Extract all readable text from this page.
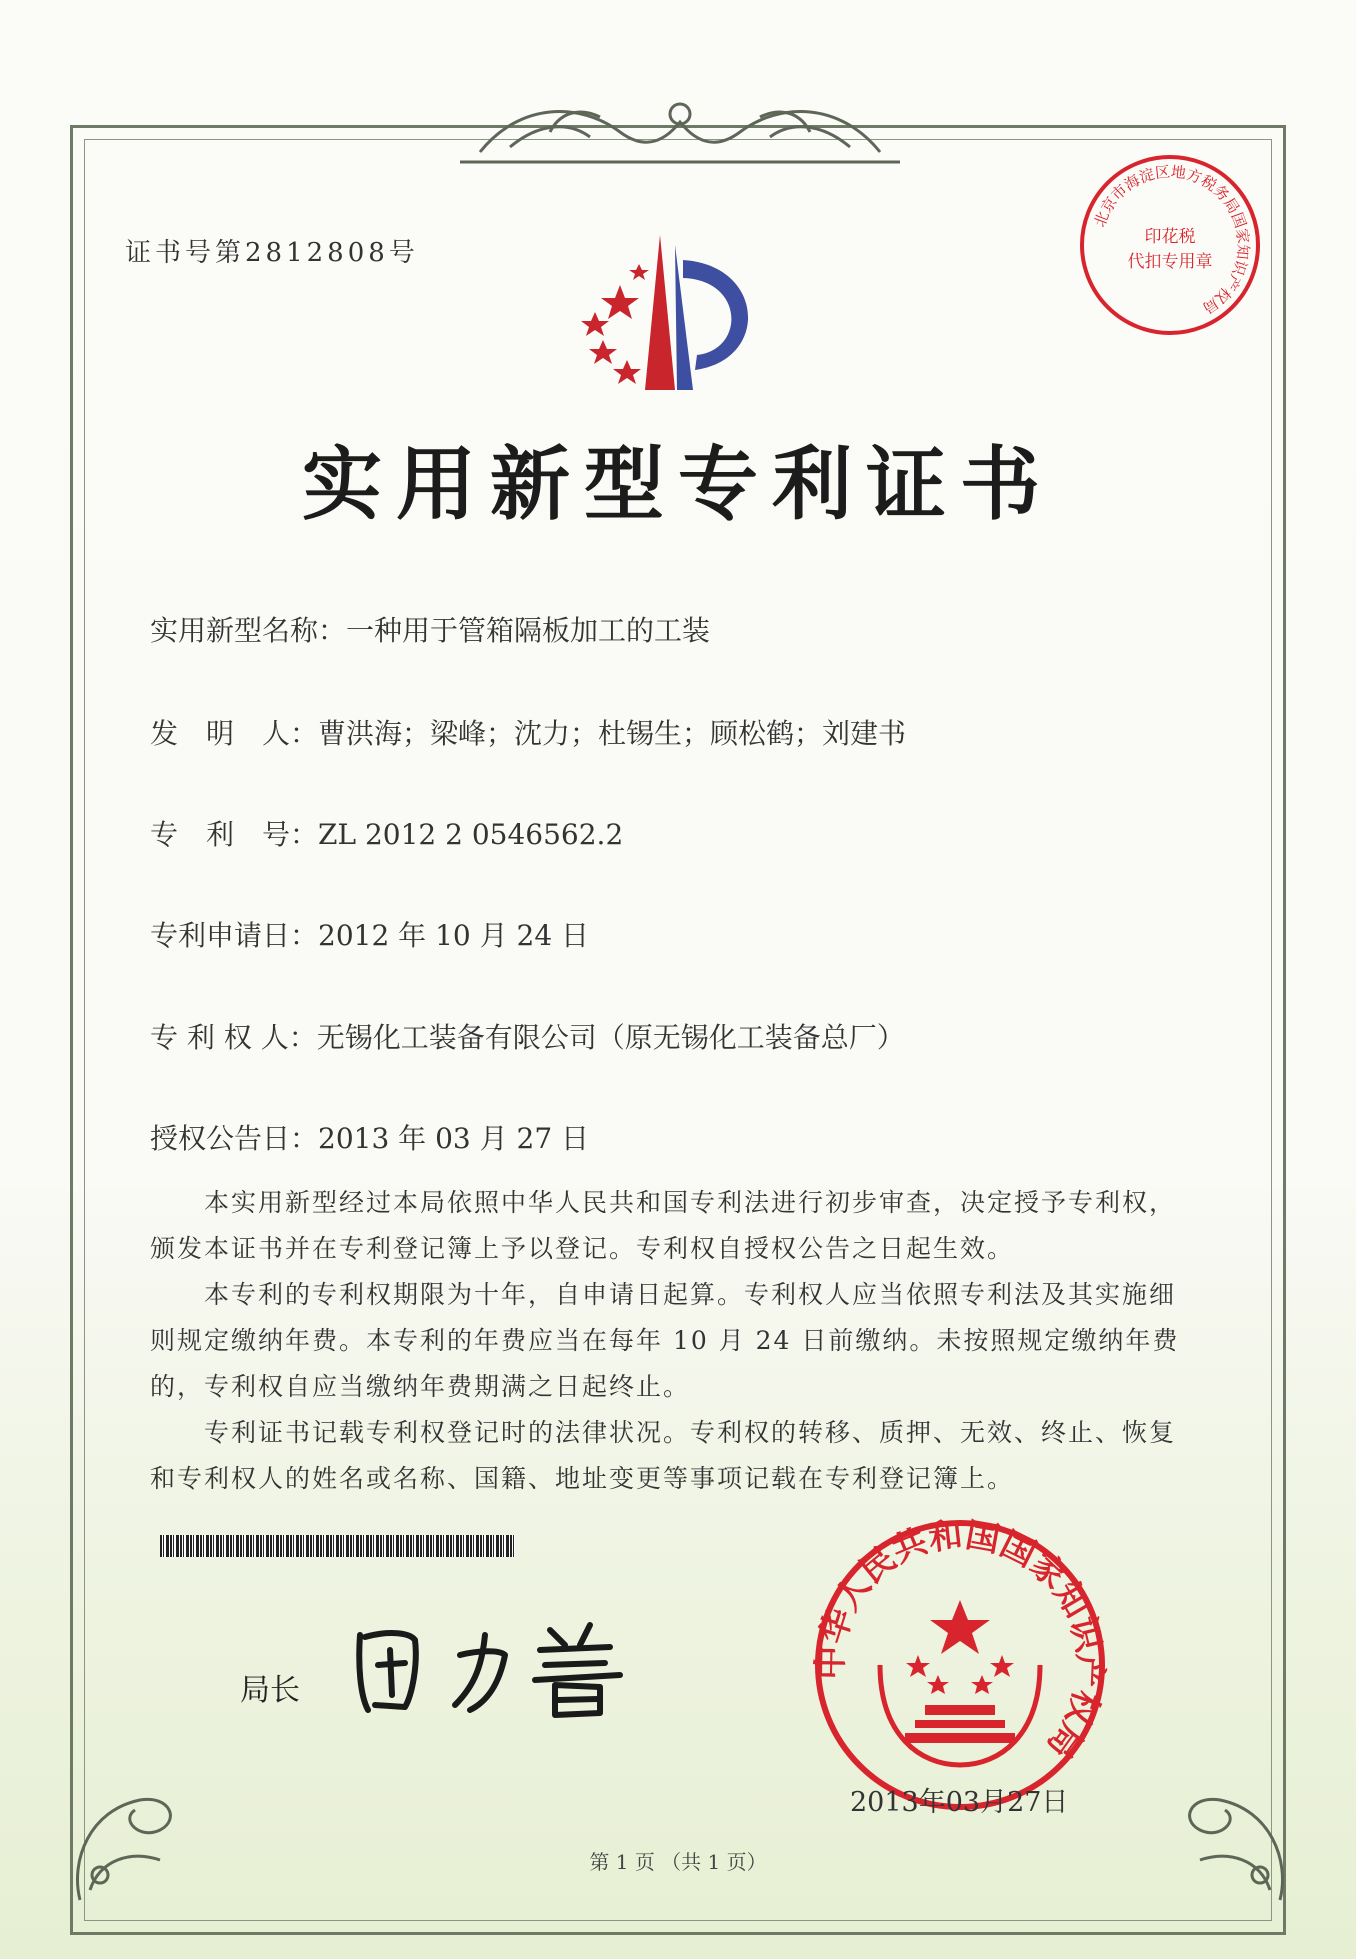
证书号第2812808号
北京市海淀区地方税务局国家知识产权局
印花税
代扣专用章
实用新型专利证书
实用新型名称：一种用于管箱隔板加工的工装
发　明　人：曹洪海；梁峰；沈力；杜锡生；顾松鹤；刘建书
专　利　号：ZL 2012 2 0546562.2
专利申请日：2012 年 10 月 24 日
专 利 权 人：无锡化工装备有限公司（原无锡化工装备总厂）
授权公告日：2013 年 03 月 27 日
　　本实用新型经过本局依照中华人民共和国专利法进行初步审查，决定授予专利权，颁发本证书并在专利登记簿上予以登记。专利权自授权公告之日起生效。
　　本专利的专利权期限为十年，自申请日起算。专利权人应当依照专利法及其实施细则规定缴纳年费。本专利的年费应当在每年 10 月 24 日前缴纳。未按照规定缴纳年费的，专利权自应当缴纳年费期满之日起终止。
　　专利证书记载专利权登记时的法律状况。专利权的转移、质押、无效、终止、恢复和专利权人的姓名或名称、国籍、地址变更等事项记载在专利登记簿上。
局长
中华人民共和国国家知识产权局
2013年03月27日
第 1 页 （共 1 页）
